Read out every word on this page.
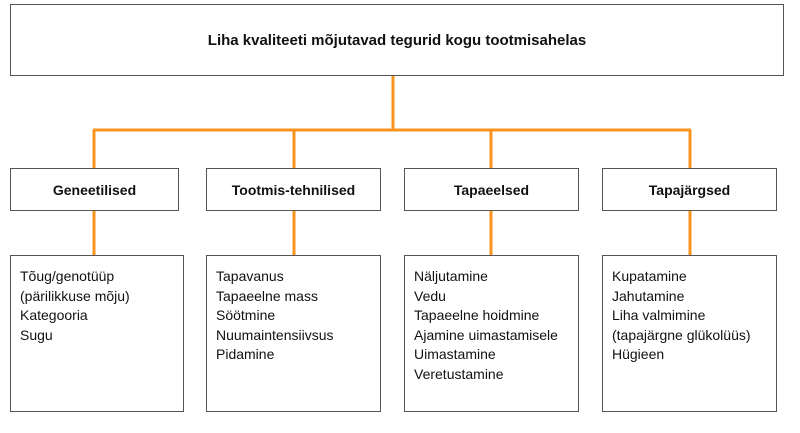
Liha kvaliteeti mõjutavad tegurid kogu tootmisahelas
Geneetilised	Tootmis-tehnilised	Tapaeelsed	Tapajärgsed
Tõug/genotüüp
(pärilikkuse mõju)
Kategooria
Sugu
Tapavanus
Tapaeelne mass
Söötmine
Nuumaintensiivsus
Pidamine
Näljutamine
Vedu
Tapaeelne hoidmine
Ajamine uimastamisele
Uimastamine
Veretustamine
Kupatamine
Jahutamine
Liha valmimine
(tapajärgne glükolüüs)
Hügieen
